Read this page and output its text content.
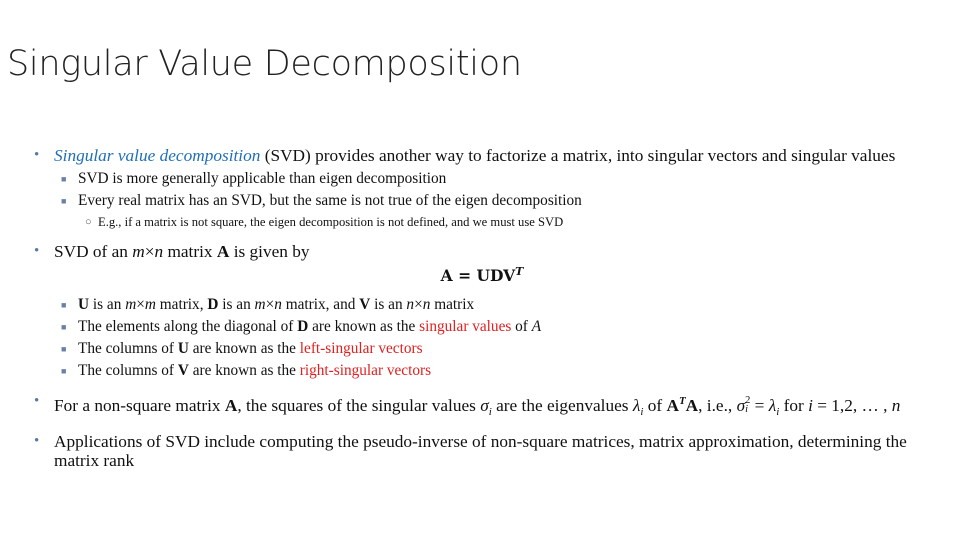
Singular Value Decomposition
• Singular value decomposition (SVD) provides another way to factorize a matrix, into singular vectors and singular values
■ SVD is more generally applicable than eigen decomposition
■ Every real matrix has an SVD, but the same is not true of the eigen decomposition
○ E.g., if a matrix is not square, the eigen decomposition is not defined, and we must use SVD
• SVD of an m×n matrix A is given by
$A = UDV^T$
■ U is an m×m matrix, D is an m×n matrix, and V is an n×n matrix
■ The elements along the diagonal of D are known as the singular values of A
■ The columns of U are known as the left-singular vectors
■ The columns of V are known as the right-singular vectors
• For a non-square matrix A, the squares of the singular values $\sigma_i$ are the eigenvalues $\lambda_i$ of $A^TA$, i.e., σ 2
$i = \lambda_i$ for i = 1,2, … , n
• Applications of SVD include computing the pseudo-inverse of non-square matrices, matrix approximation, determining the matrix rank
